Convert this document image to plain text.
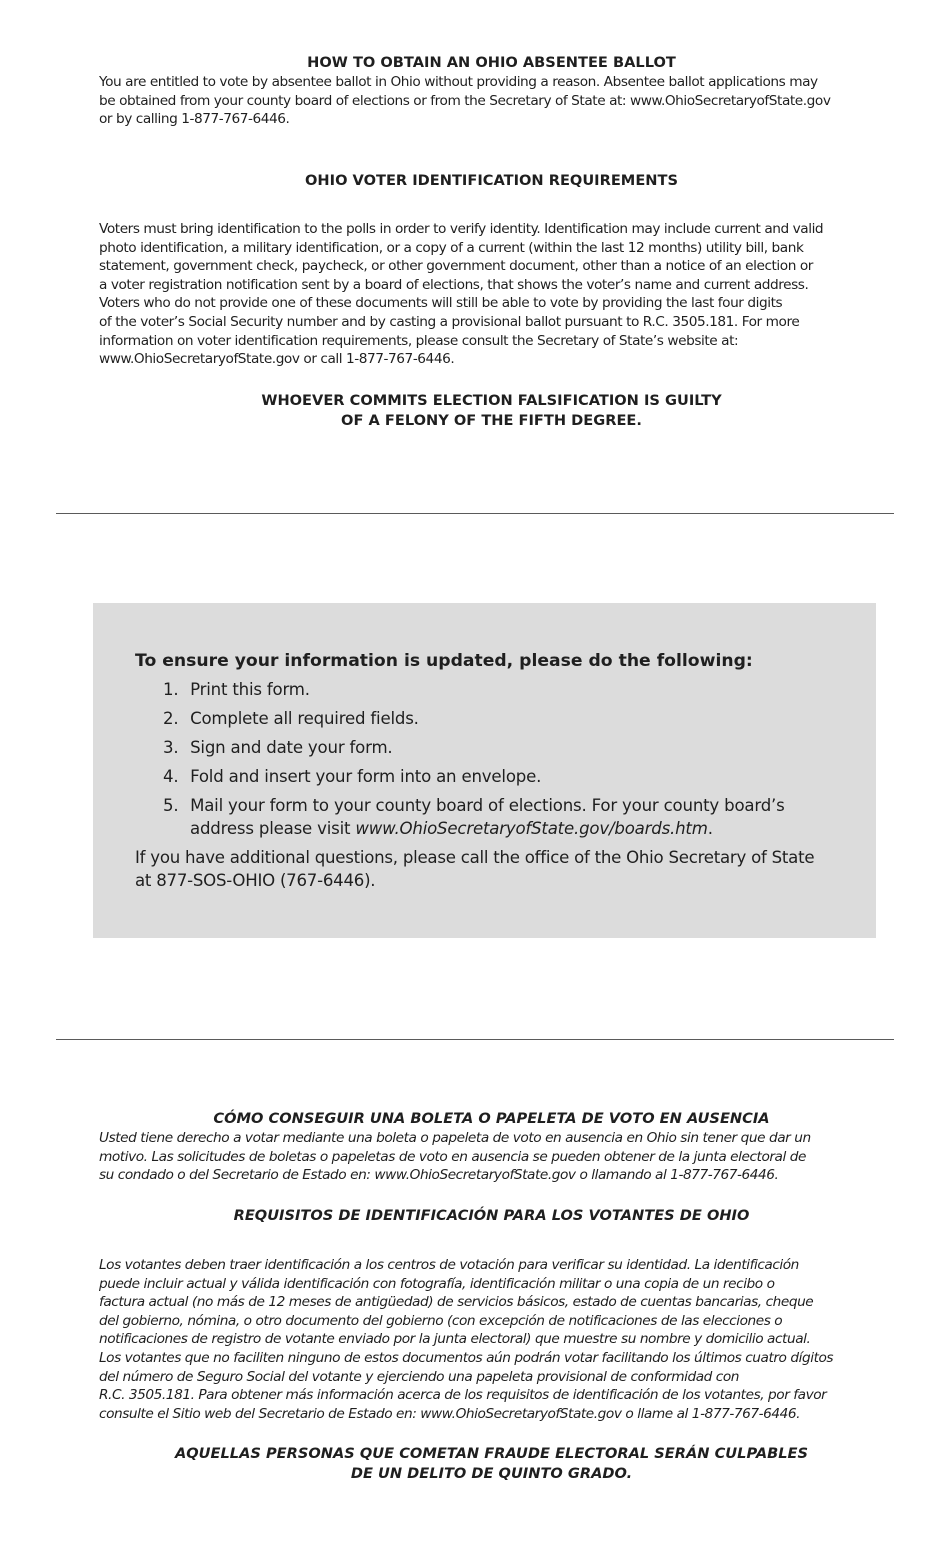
HOW TO OBTAIN AN OHIO ABSENTEE BALLOT

You are entitled to vote by absentee ballot in Ohio without providing a reason. Absentee ballot applications may
be obtained from your county board of elections or from the Secretary of State at: www.OhioSecretaryofState.gov
or by calling 1-877-767-6446.

OHIO VOTER IDENTIFICATION REQUIREMENTS

Voters must bring identification to the polls in order to verify identity. Identification may include current and valid
photo identification, a military identification, or a copy of a current (within the last 12 months) utility bill, bank
statement, government check, paycheck, or other government document, other than a notice of an election or
a voter registration notification sent by a board of elections, that shows the voter’s name and current address.
Voters who do not provide one of these documents will still be able to vote by providing the last four digits
of the voter’s Social Security number and by casting a provisional ballot pursuant to R.C. 3505.181. For more
information on voter identification requirements, please consult the Secretary of State’s website at:
www.OhioSecretaryofState.gov or call 1-877-767-6446.

WHOEVER COMMITS ELECTION FALSIFICATION IS GUILTY

OF A FELONY OF THE FIFTH DEGREE.

To ensure your information is updated, please do the following:

1. Print this form.
2. Complete all required fields.
3. Sign and date your form.
4. Fold and insert your form into an envelope.
5. Mail your form to your county board of elections. For your county board’s
address please visit www.OhioSecretaryofState.gov/boards.htm.

If you have additional questions, please call the office of the Ohio Secretary of State
at 877-SOS-OHIO (767-6446).

CÓMO CONSEGUIR UNA BOLETA O PAPELETA DE VOTO EN AUSENCIA

Usted tiene derecho a votar mediante una boleta o papeleta de voto en ausencia en Ohio sin tener que dar un
motivo. Las solicitudes de boletas o papeletas de voto en ausencia se pueden obtener de la junta electoral de
su condado o del Secretario de Estado en: www.OhioSecretaryofState.gov o llamando al 1-877-767-6446.

REQUISITOS DE IDENTIFICACIÓN PARA LOS VOTANTES DE OHIO

Los votantes deben traer identificación a los centros de votación para verificar su identidad. La identificación
puede incluir actual y válida identificación con fotografía, identificación militar o una copia de un recibo o
factura actual (no más de 12 meses de antigüedad) de servicios básicos, estado de cuentas bancarias, cheque
del gobierno, nómina, o otro documento del gobierno (con excepción de notificaciones de las elecciones o
notificaciones de registro de votante enviado por la junta electoral) que muestre su nombre y domicilio actual.
Los votantes que no faciliten ninguno de estos documentos aún podrán votar facilitando los últimos cuatro dígitos
del número de Seguro Social del votante y ejerciendo una papeleta provisional de conformidad con
R.C. 3505.181. Para obtener más información acerca de los requisitos de identificación de los votantes, por favor
consulte el Sitio web del Secretario de Estado en: www.OhioSecretaryofState.gov o llame al 1-877-767-6446.

AQUELLAS PERSONAS QUE COMETAN FRAUDE ELECTORAL SERÁN CULPABLES

DE UN DELITO DE QUINTO GRADO.
